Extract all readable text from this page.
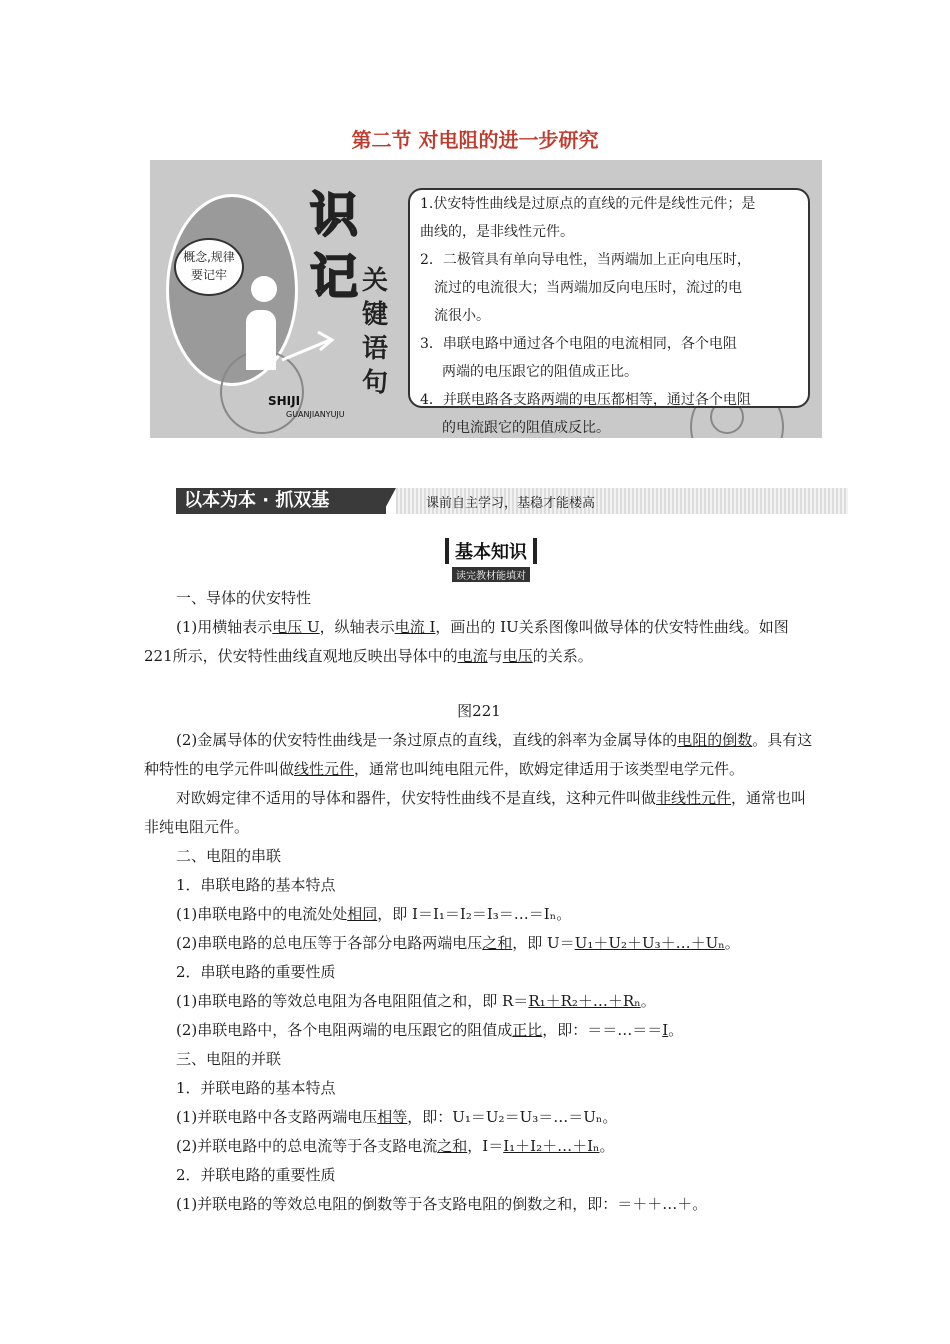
第二节 对电阻的进一步研究
概念,规律
要记牢
识
记 关
键
语
句
SHIJI
GUANJIANYUJU
1.伏安特性曲线是过原点的直线的元件是线性元件；是
曲线的，是非线性元件。
2．二极管具有单向导电性，当两端加上正向电压时，
流过的电流很大；当两端加反向电压时，流过的电
流很小。
3．串联电路中通过各个电阻的电流相同，各个电阻
两端的电压跟它的阻值成正比。
4．并联电路各支路两端的电压都相等，通过各个电阻
的电流跟它的阻值成反比。
以本为本 · 抓双基	课前自主学习，基稳才能楼高
基本知识
读完教材能填对

一、导体的伏安特性

(1)用横轴表示电压 U，纵轴表示电流 I，画出的 IU关系图像叫做导体的伏安特性曲线。如图221所示，伏安特性曲线直观地反映出导体中的电流与电压的关系。

图221

(2)金属导体的伏安特性曲线是一条过原点的直线，直线的斜率为金属导体的电阻的倒数。具有这种特性的电学元件叫做线性元件，通常也叫纯电阻元件，欧姆定律适用于该类型电学元件。

对欧姆定律不适用的导体和器件，伏安特性曲线不是直线，这种元件叫做非线性元件，通常也叫非纯电阻元件。

二、电阻的串联

1．串联电路的基本特点

(1)串联电路中的电流处处相同，即 I＝I₁＝I₂＝I₃＝…＝Iₙ。

(2)串联电路的总电压等于各部分电路两端电压之和，即 U＝U₁＋U₂＋U₃＋…＋Uₙ。

2．串联电路的重要性质

(1)串联电路的等效总电阻为各电阻阻值之和，即 R＝R₁＋R₂＋…＋Rₙ。

(2)串联电路中，各个电阻两端的电压跟它的阻值成正比，即：＝＝…＝＝I。

三、电阻的并联

1．并联电路的基本特点

(1)并联电路中各支路两端电压相等，即：U₁＝U₂＝U₃＝…＝Uₙ。

(2)并联电路中的总电流等于各支路电流之和，I＝I₁＋I₂＋…＋Iₙ。

2．并联电路的重要性质

(1)并联电路的等效总电阻的倒数等于各支路电阻的倒数之和，即：＝＋＋…＋。
